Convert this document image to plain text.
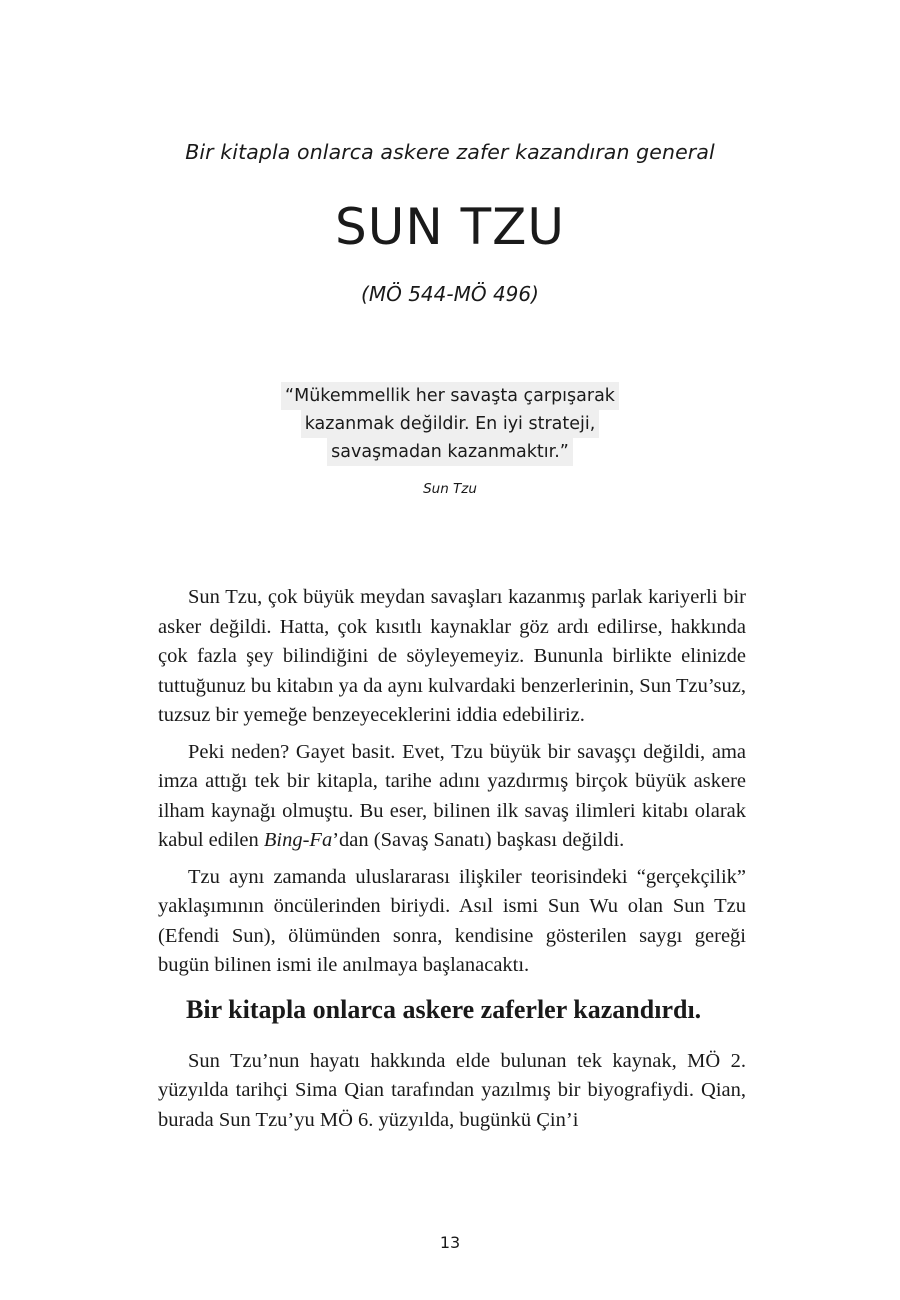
Bir kitapla onlarca askere zafer kazandıran general
SUN TZU
(MÖ 544-MÖ 496)
“Mükemmellik her savaşta çarpışarak
kazanmak değildir. En iyi strateji,
savaşmadan kazanmaktır.”
Sun Tzu

Sun Tzu, çok büyük meydan savaşları kazanmış parlak kariyerli bir asker değildi. Hatta, çok kısıtlı kaynaklar göz ardı edilirse, hakkında çok fazla şey bilindiğini de söyleyemeyiz. Bununla birlikte elinizde tuttuğunuz bu kitabın ya da aynı kulvardaki benzerlerinin, Sun Tzu’suz, tuzsuz bir yemeğe benzeyeceklerini iddia edebiliriz.

Peki neden? Gayet basit. Evet, Tzu büyük bir savaşçı değildi, ama imza attığı tek bir kitapla, tarihe adını yazdırmış birçok büyük askere ilham kaynağı olmuştu. Bu eser, bilinen ilk savaş ilimleri kitabı olarak kabul edilen Bing-Fa’dan (Savaş Sanatı) başkası değildi.

Tzu aynı zamanda uluslararası ilişkiler teorisindeki “gerçekçilik” yaklaşımının öncülerinden biriydi. Asıl ismi Sun Wu olan Sun Tzu (Efendi Sun), ölümünden sonra, kendisine gösterilen saygı gereği bugün bilinen ismi ile anılmaya başlanacaktı.

Bir kitapla onlarca askere zaferler kazandırdı.

Sun Tzu’nun hayatı hakkında elde bulunan tek kaynak, MÖ 2. yüzyılda tarihçi Sima Qian tarafından yazılmış bir biyografiydi. Qian, burada Sun Tzu’yu MÖ 6. yüzyılda, bugünkü Çin’i

13
